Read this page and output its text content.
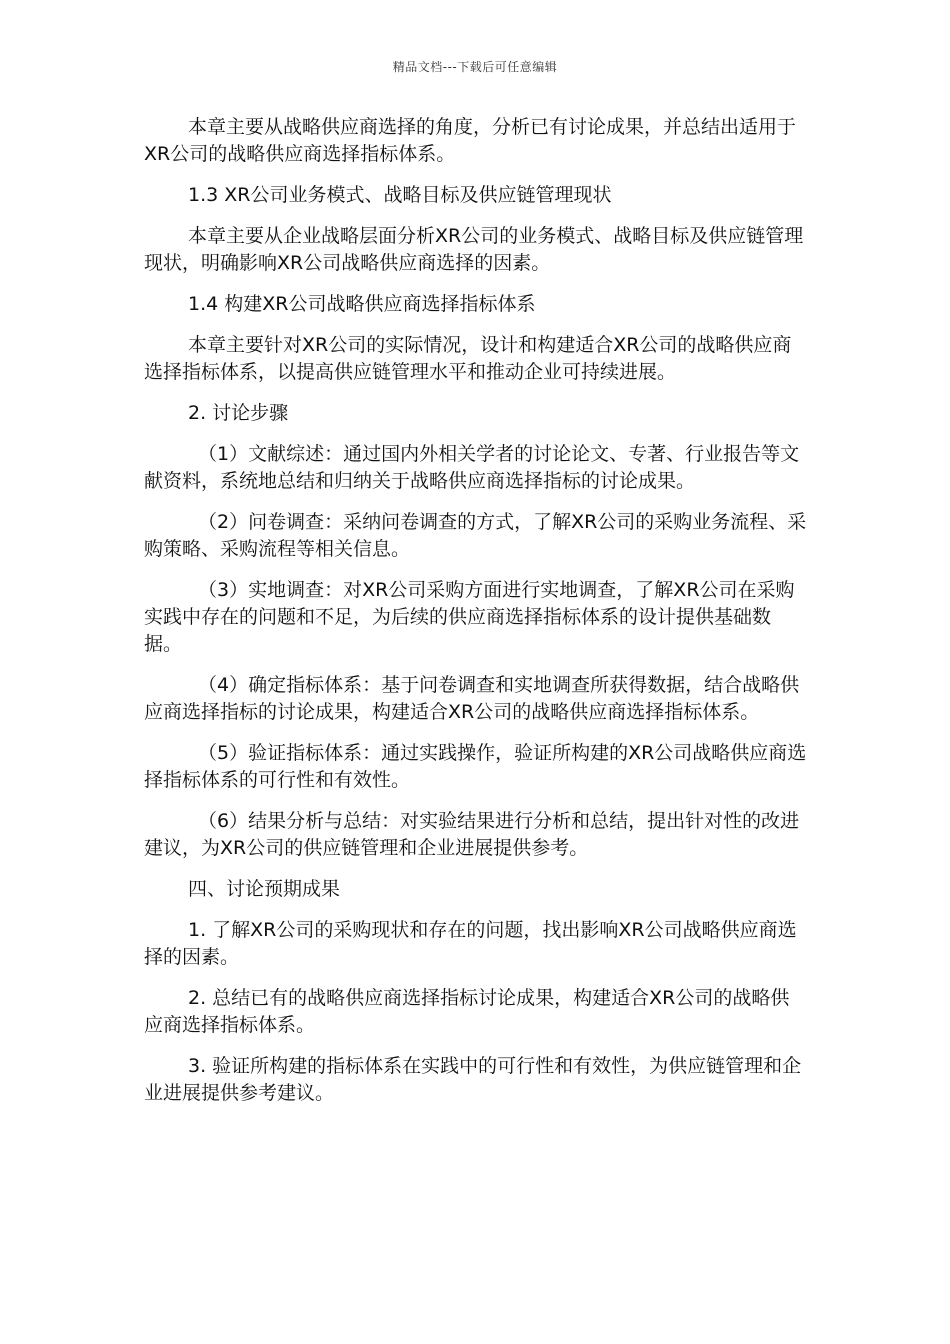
精品文档---下载后可任意编辑

本章主要从战略供应商选择的角度，分析已有讨论成果，并总结出适用于XR公司的战略供应商选择指标体系。

1.3 XR公司业务模式、战略目标及供应链管理现状

本章主要从企业战略层面分析XR公司的业务模式、战略目标及供应链管理现状，明确影响XR公司战略供应商选择的因素。

1.4 构建XR公司战略供应商选择指标体系

本章主要针对XR公司的实际情况，设计和构建适合XR公司的战略供应商选择指标体系，以提高供应链管理水平和推动企业可持续进展。

2. 讨论步骤

（1）文献综述：通过国内外相关学者的讨论论文、专著、行业报告等文献资料，系统地总结和归纳关于战略供应商选择指标的讨论成果。

（2）问卷调查：采纳问卷调查的方式，了解XR公司的采购业务流程、采购策略、采购流程等相关信息。

（3）实地调查：对XR公司采购方面进行实地调查，了解XR公司在采购实践中存在的问题和不足，为后续的供应商选择指标体系的设计提供基础数据。

（4）确定指标体系：基于问卷调查和实地调查所获得数据，结合战略供应商选择指标的讨论成果，构建适合XR公司的战略供应商选择指标体系。

（5）验证指标体系：通过实践操作，验证所构建的XR公司战略供应商选择指标体系的可行性和有效性。

（6）结果分析与总结：对实验结果进行分析和总结，提出针对性的改进建议，为XR公司的供应链管理和企业进展提供参考。

四、讨论预期成果

1. 了解XR公司的采购现状和存在的问题，找出影响XR公司战略供应商选择的因素。

2. 总结已有的战略供应商选择指标讨论成果，构建适合XR公司的战略供应商选择指标体系。

3. 验证所构建的指标体系在实践中的可行性和有效性，为供应链管理和企业进展提供参考建议。
